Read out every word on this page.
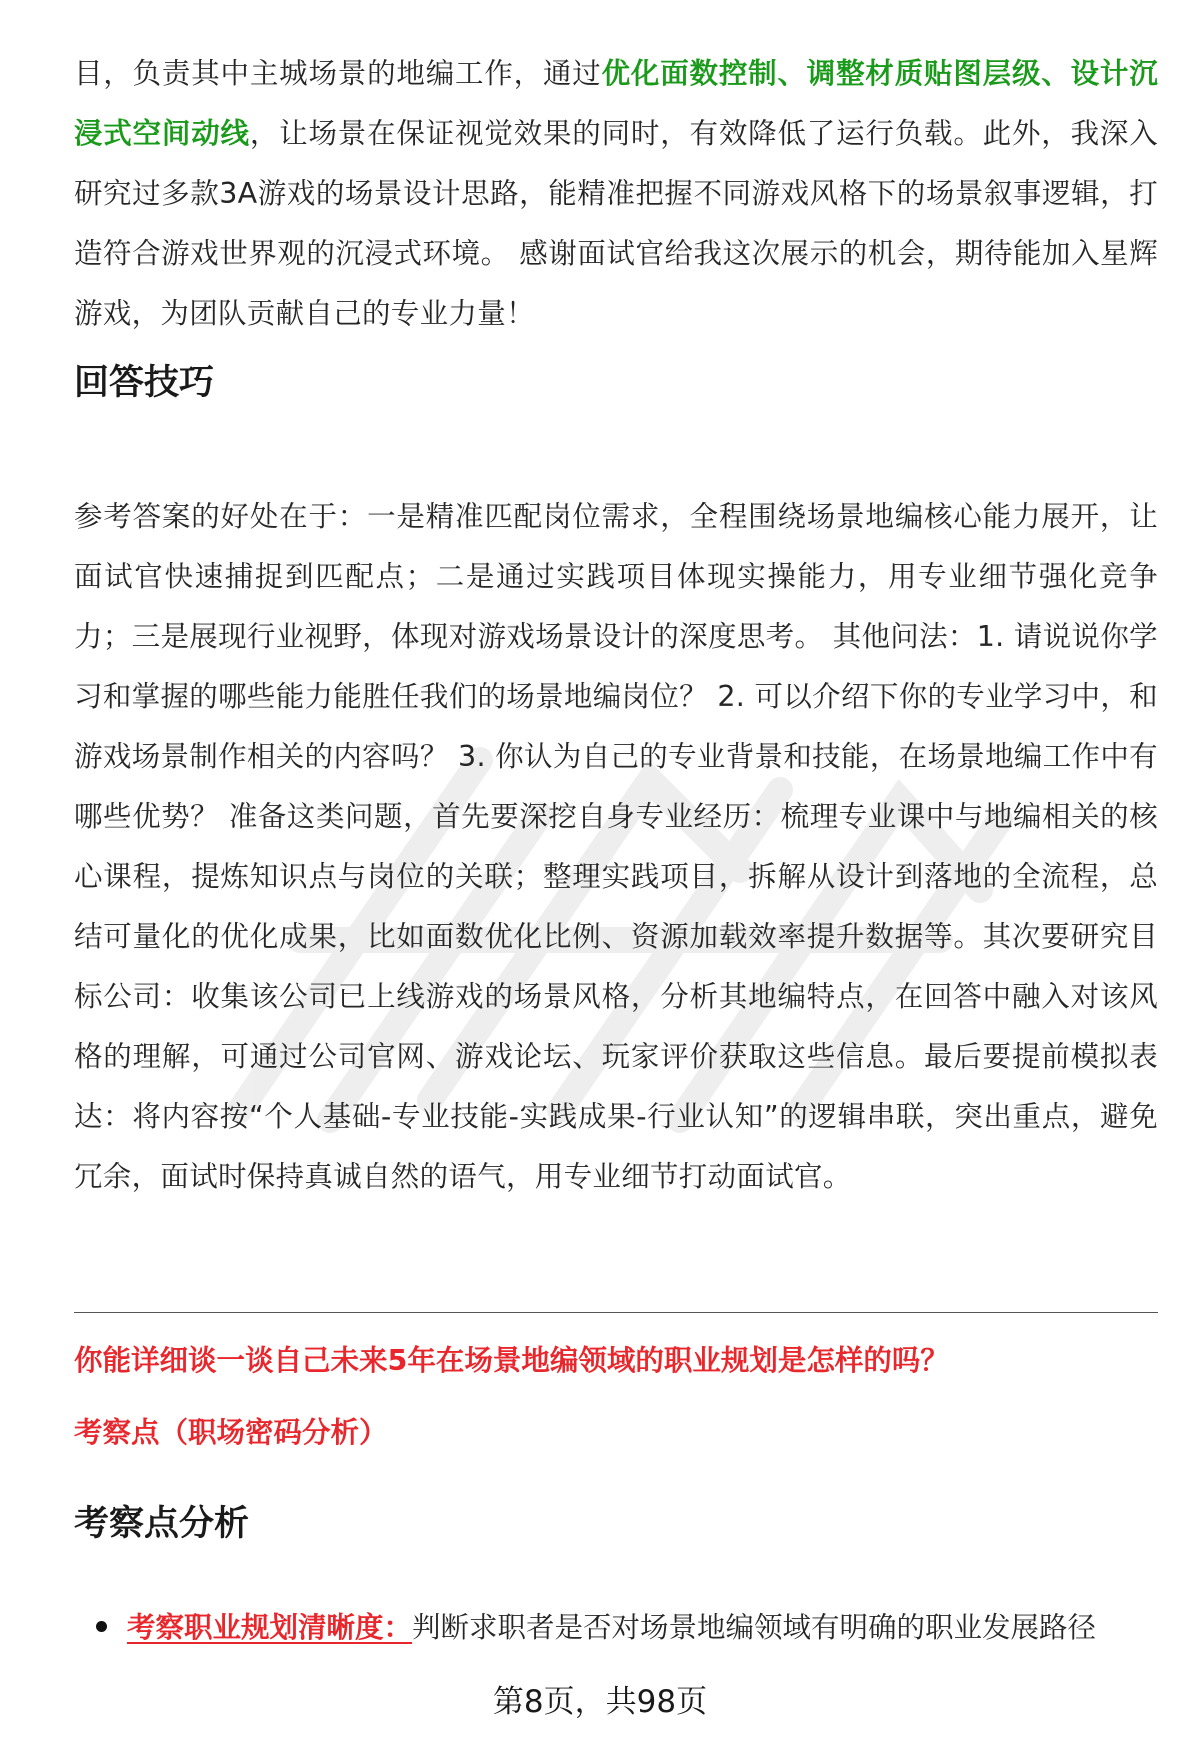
目，负责其中主城场景的地编工作，通过优化面数控制、调整材质贴图层级、设计沉浸式空间动线，让场景在保证视觉效果的同时，有效降低了运行负载。此外，我深入研究过多款3A游戏的场景设计思路，能精准把握不同游戏风格下的场景叙事逻辑，打造符合游戏世界观的沉浸式环境。 感谢面试官给我这次展示的机会，期待能加入星辉游戏，为团队贡献自己的专业力量！

回答技巧

参考答案的好处在于：一是精准匹配岗位需求，全程围绕场景地编核心能力展开，让面试官快速捕捉到匹配点；二是通过实践项目体现实操能力，用专业细节强化竞争力；三是展现行业视野，体现对游戏场景设计的深度思考。 其他问法：1. 请说说你学习和掌握的哪些能力能胜任我们的场景地编岗位？ 2. 可以介绍下你的专业学习中，和游戏场景制作相关的内容吗？ 3. 你认为自己的专业背景和技能，在场景地编工作中有哪些优势？ 准备这类问题，首先要深挖自身专业经历：梳理专业课中与地编相关的核心课程，提炼知识点与岗位的关联；整理实践项目，拆解从设计到落地的全流程，总结可量化的优化成果，比如面数优化比例、资源加载效率提升数据等。其次要研究目标公司：收集该公司已上线游戏的场景风格，分析其地编特点，在回答中融入对该风格的理解，可通过公司官网、游戏论坛、玩家评价获取这些信息。最后要提前模拟表达：将内容按“个人基础-专业技能-实践成果-行业认知”的逻辑串联，突出重点，避免冗余，面试时保持真诚自然的语气，用专业细节打动面试官。

你能详细谈一谈自己未来5年在场景地编领域的职业规划是怎样的吗？

考察点（职场密码分析）

考察点分析
考察职业规划清晰度：判断求职者是否对场景地编领域有明确的职业发展路径
第8页，共98页
